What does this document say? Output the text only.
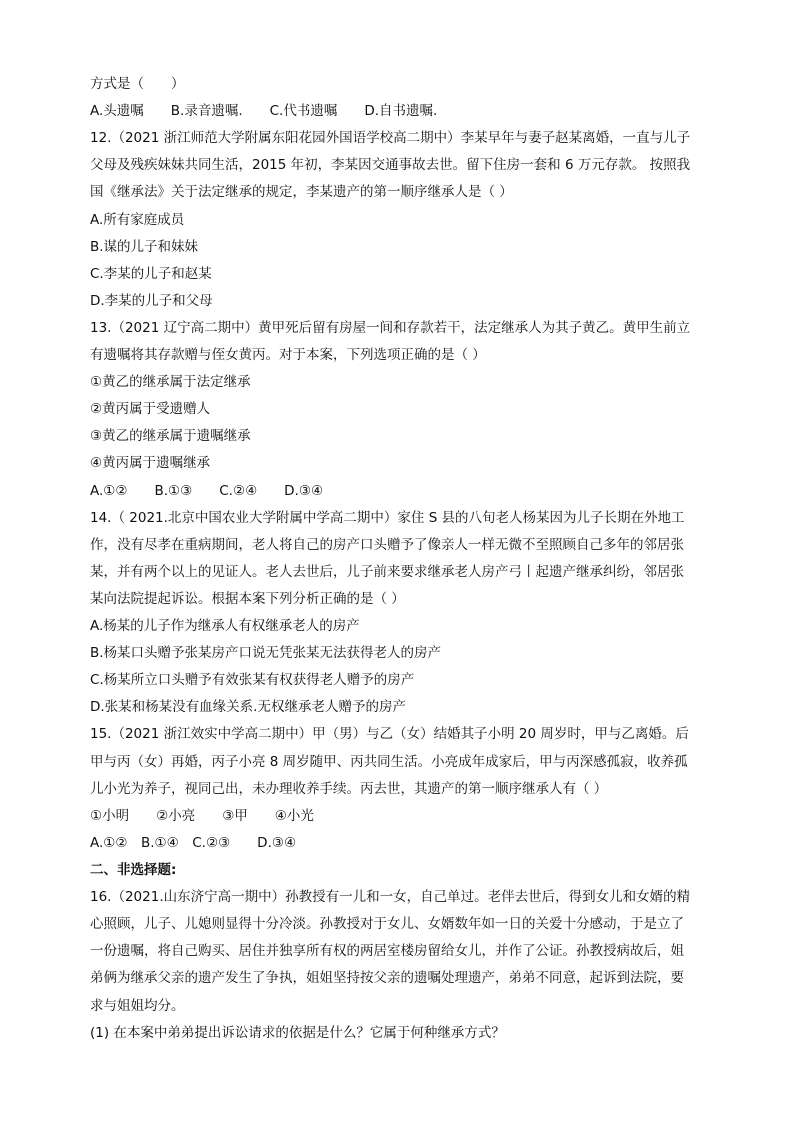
方式是（　　）
A.头遗嘱　　B.录音遗嘱.　　C.代书遗嘱　　D.自书遗嘱.
12.（2021 浙江师范大学附属东阳花园外国语学校高二期中）李某早年与妻子赵某离婚，一直与儿子
父母及残疾妹妹共同生活，2015 年初，李某因交通事故去世。留下住房一套和 6 万元存款。 按照我
国《继承法》关于法定继承的规定，李某遗产的第一顺序继承人是（ ）
A.所有家庭成员
B.谋的儿子和妹妹
C.李某的儿子和赵某
D.李某的儿子和父母
13.（2021 辽宁高二期中）黄甲死后留有房屋一间和存款若干，法定继承人为其子黄乙。黄甲生前立
有遗嘱将其存款赠与侄女黄丙。对于本案，下列选项正确的是（ ）
①黄乙的继承属于法定继承
②黄丙属于受遗赠人
③黄乙的继承属于遗嘱继承
④黄丙属于遗嘱继承
A.①②　　B.①③　　C.②④　　D.③④
14.（ 2021.北京中国农业大学附属中学高二期中）家住 S 县的八旬老人杨某因为儿子长期在外地工
作，没有尽孝在重病期间，老人将自己的房产口头赠予了像亲人一样无微不至照顾自己多年的邻居张
某，并有两个以上的见证人。老人去世后，儿子前来要求继承老人房产弓丨起遗产继承纠纷，邻居张
某向法院提起诉讼。根据本案下列分析正确的是（ ）
A.杨某的儿子作为继承人有权继承老人的房产
B.杨某口头赠予张某房产口说无凭张某无法获得老人的房产
C.杨某所立口头赠予有效张某有权获得老人赠予的房产
D.张某和杨某没有血缘关系.无权继承老人赠予的房产
15.（2021 浙江效实中学高二期中）甲（男）与乙（女）结婚其子小明 20 周岁时，甲与乙离婚。后
甲与丙（女）再婚，丙子小亮 8 周岁随甲、丙共同生活。小亮成年成家后，甲与丙深感孤寂，收养孤
儿小光为养子，视同己出，未办理收养手续。丙去世，其遗产的第一顺序继承人有（ ）
①小明　　②小亮　　③甲　　④小光
A.①②　B.①④　C.②③　　D.③④
二、非选择题:
16.（2021.山东济宁高一期中）孙教授有一儿和一女，自己单过。老伴去世后，得到女儿和女婿的精
心照顾，儿子、儿媳则显得十分冷淡。孙教授对于女儿、女婿数年如一日的关爱十分感动，于是立了
一份遗嘱，将自己购买、居住并独享所有权的两居室楼房留给女儿，并作了公证。孙教授病故后，姐
弟俩为继承父亲的遗产发生了争执，姐姐坚持按父亲的遗嘱处理遗产，弟弟不同意，起诉到法院，要
求与姐姐均分。
(1) 在本案中弟弟提出诉讼请求的依据是什么？它属于何种继承方式？
